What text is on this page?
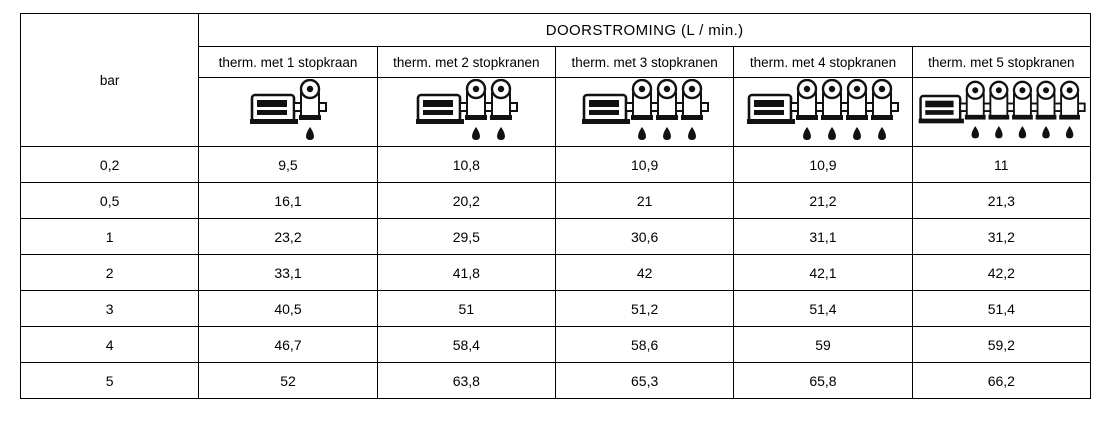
bar	DOORSTROMING (L / min.)				
	therm. met 1 stopkraan	therm. met 2 stopkranen	therm. met 3 stopkranen	therm. met 4 stopkranen	therm. met 5 stopkranen

0,2	9,5	10,8	10,9	10,9	11
0,5	16,1	20,2	21	21,2	21,3
1	23,2	29,5	30,6	31,1	31,2
2	33,1	41,8	42	42,1	42,2
3	40,5	51	51,2	51,4	51,4
4	46,7	58,4	58,6	59	59,2
5	52	63,8	65,3	65,8	66,2
